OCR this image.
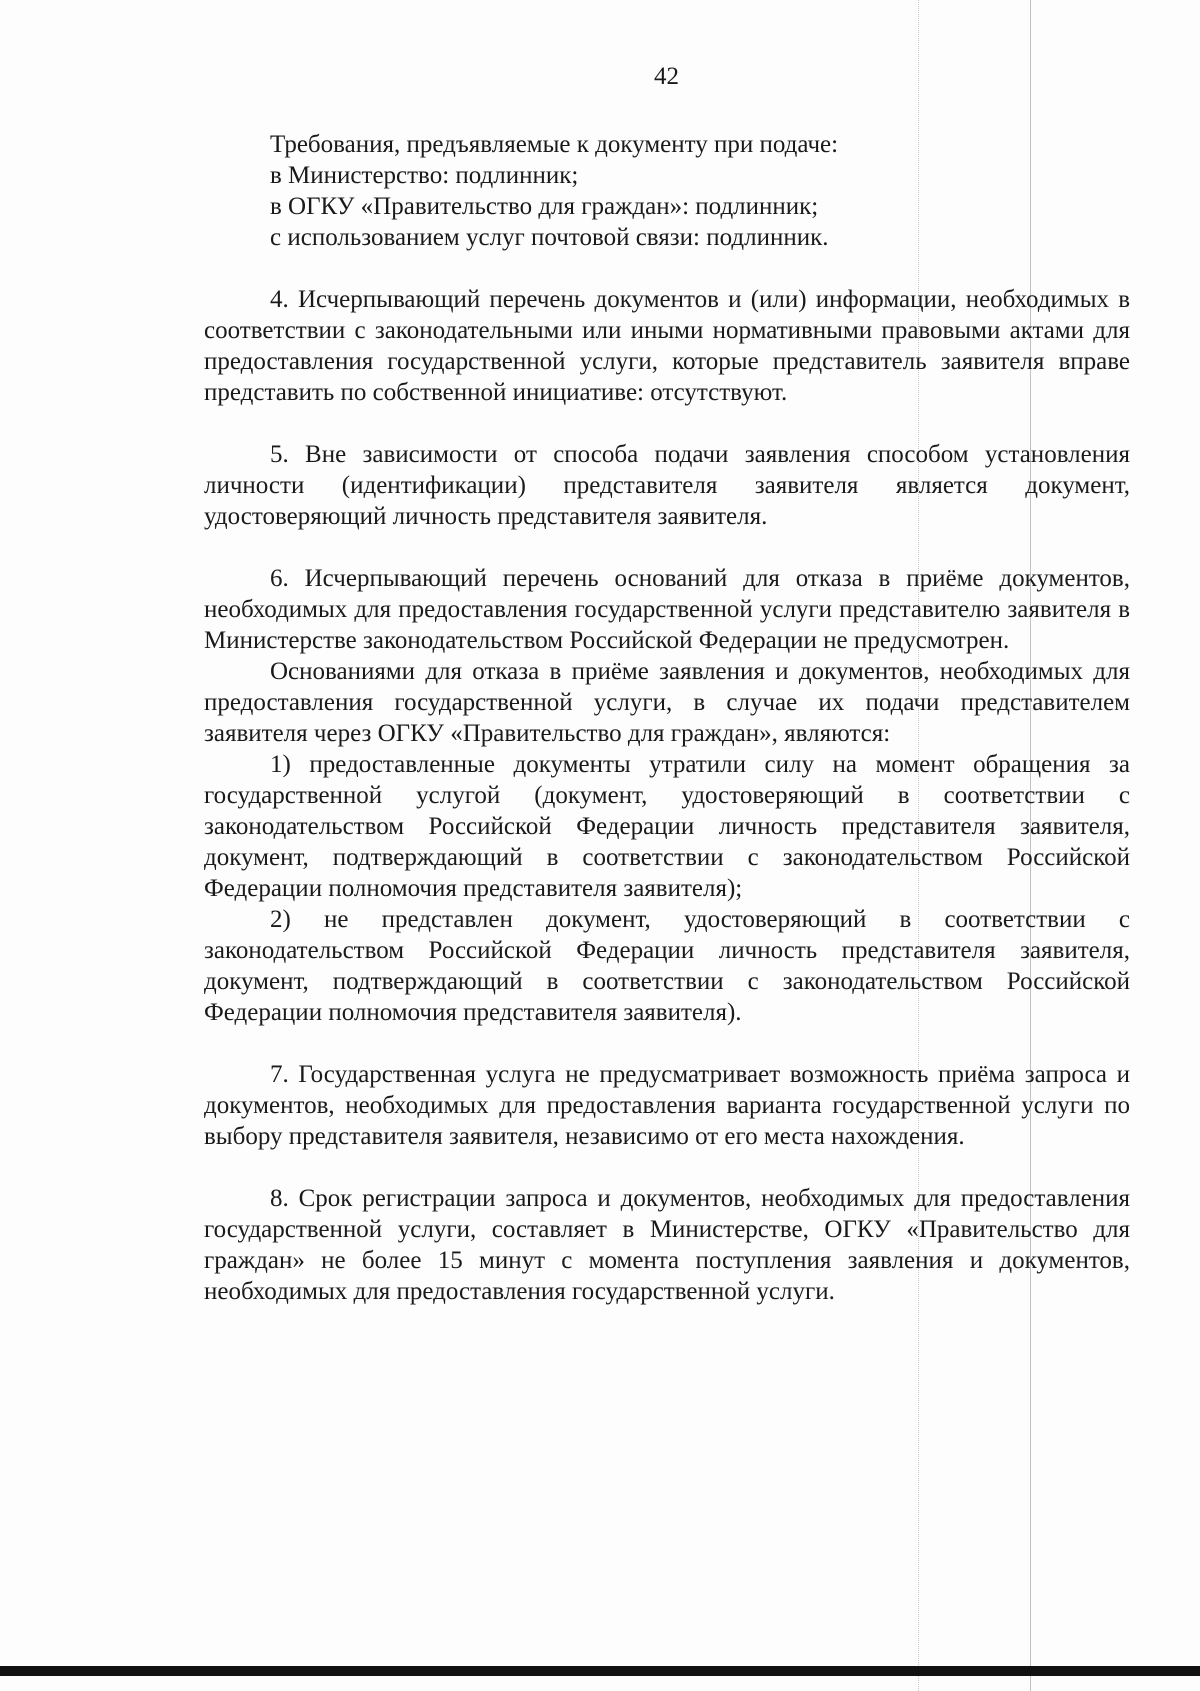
42
Требования, предъявляемые к документу при подаче:
в Министерство: подлинник;
в ОГКУ «Правительство для граждан»: подлинник;
с использованием услуг почтовой связи: подлинник.

4. Исчерпывающий перечень документов и (или) информации, необходимых в соответствии с законодательными или иными нормативными правовыми актами для предоставления государственной услуги, которые представитель заявителя вправе представить по собственной инициативе: отсутствуют.

5. Вне зависимости от способа подачи заявления способом установления личности (идентификации) представителя заявителя является документ, удостоверяющий личность представителя заявителя.

6. Исчерпывающий перечень оснований для отказа в приёме документов, необходимых для предоставления государственной услуги представителю заявителя в Министерстве законодательством Российской Федерации не предусмотрен.

Основаниями для отказа в приёме заявления и документов, необходимых для предоставления государственной услуги, в случае их подачи представителем заявителя через ОГКУ «Правительство для граждан», являются:

1) предоставленные документы утратили силу на момент обращения за государственной услугой (документ, удостоверяющий в соответствии с законодательством Российской Федерации личность представителя заявителя, документ, подтверждающий в соответствии с законодательством Российской Федерации полномочия представителя заявителя);

2) не представлен документ, удостоверяющий в соответствии с законодательством Российской Федерации личность представителя заявителя, документ, подтверждающий в соответствии с законодательством Российской Федерации полномочия представителя заявителя).

7. Государственная услуга не предусматривает возможность приёма запроса и документов, необходимых для предоставления варианта государственной услуги по выбору представителя заявителя, независимо от его места нахождения.

8. Срок регистрации запроса и документов, необходимых для предоставления государственной услуги, составляет в Министерстве, ОГКУ «Правительство для граждан» не более 15 минут с момента поступления заявления и документов, необходимых для предоставления государственной услуги.
